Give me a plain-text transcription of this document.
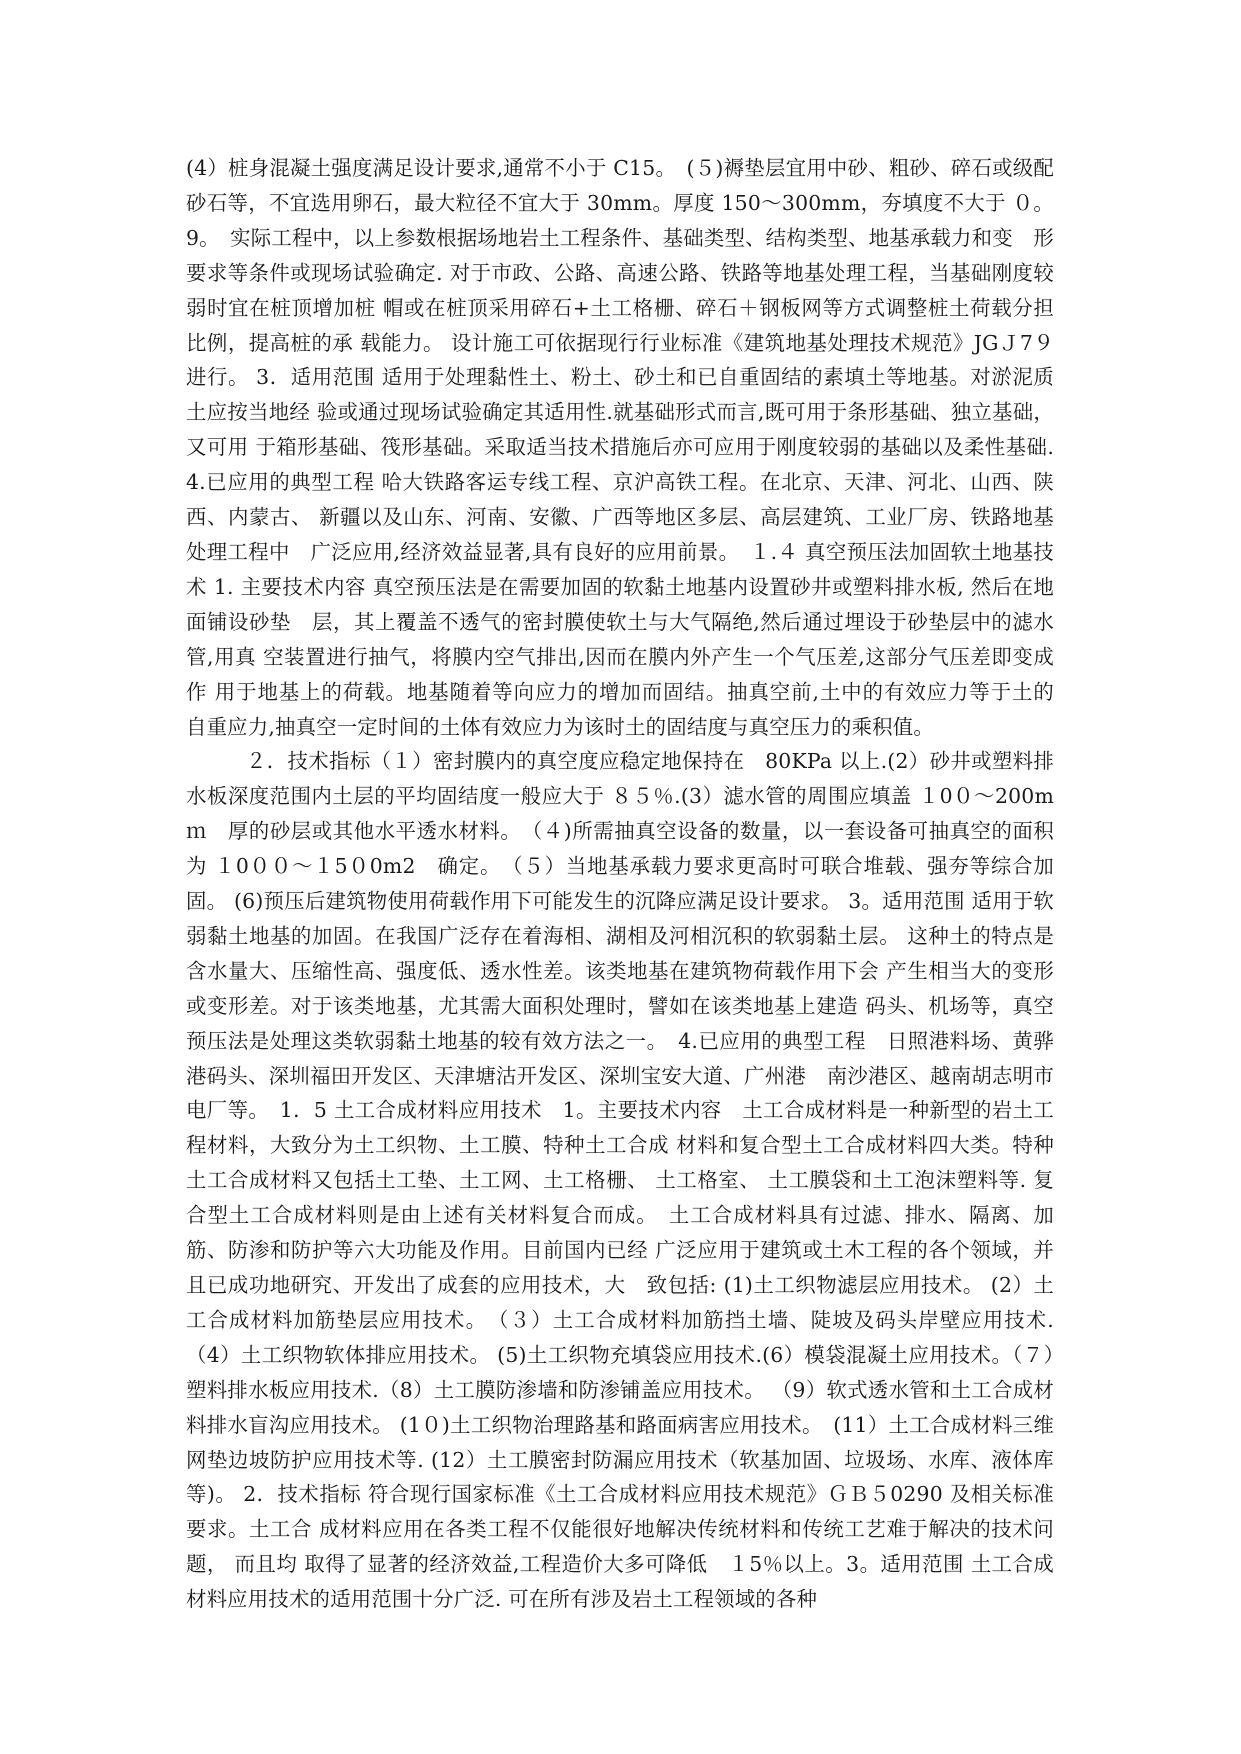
(4）桩身混凝土强度满足设计要求,通常不小于 C15。　(５)褥垫层宜用中砂、粗砂、碎石或级配砂石等，不宜选用卵石，最大粒径不宜大于 30mm。厚度 150～300mm，夯填度不大于 ０。9。　实际工程中，以上参数根据场地岩土工程条件、基础类型、结构类型、地基承载力和变　形要求等条件或现场试验确定. 对于市政、公路、高速公路、铁路等地基处理工程，当基础刚度较弱时宜在桩顶增加桩 帽或在桩顶采用碎石+土工格栅、碎石＋钢板网等方式调整桩土荷载分担比例，提高桩的承 载能力。 设计施工可依据现行行业标准《建筑地基处理技术规范》JGＪ7９ 进行。 3．适用范围 适用于处理黏性土、粉土、砂土和已自重固结的素填土等地基。对淤泥质土应按当地经 验或通过现场试验确定其适用性.就基础形式而言,既可用于条形基础、独立基础，又可用 于箱形基础、筏形基础。采取适当技术措施后亦可应用于刚度较弱的基础以及柔性基础. 4.已应用的典型工程 哈大铁路客运专线工程、京沪高铁工程。在北京、天津、河北、山西、陕西、内蒙古、 新疆以及山东、河南、安徽、广西等地区多层、高层建筑、工业厂房、铁路地基处理工程中　广泛应用,经济效益显著,具有良好的应用前景。　１.４ 真空预压法加固软土地基技术 1. 主要技术内容 真空预压法是在需要加固的软黏土地基内设置砂井或塑料排水板, 然后在地面铺设砂垫　层，其上覆盖不透气的密封膜使软土与大气隔绝,然后通过埋设于砂垫层中的滤水管,用真 空装置进行抽气，将膜内空气排出,因而在膜内外产生一个气压差,这部分气压差即变成作 用于地基上的荷载。地基随着等向应力的增加而固结。抽真空前,土中的有效应力等于土的　自重应力,抽真空一定时间的土体有效应力为该时土的固结度与真空压力的乘积值。

２．技术指标（１）密封膜内的真空度应稳定地保持在　80KPa 以上.(2）砂井或塑料排水板深度范围内土层的平均固结度一般应大于 ８５％.(3）滤水管的周围应填盖 １0０～200mｍ　厚的砂层或其他水平透水材料。　（４)所需抽真空设备的数量，以一套设备可抽真空的面积为 １0００～１5０0m2　确定。　（５）当地基承载力要求更高时可联合堆载、强夯等综合加固。 (6)预压后建筑物使用荷载作用下可能发生的沉降应满足设计要求。 3。适用范围 适用于软弱黏土地基的加固。在我国广泛存在着海相、湖相及河相沉积的软弱黏土层。 这种土的特点是含水量大、压缩性高、强度低、透水性差。该类地基在建筑物荷载作用下会 产生相当大的变形或变形差。对于该类地基，尤其需大面积处理时，譬如在该类地基上建造 码头、机场等，真空预压法是处理这类软弱黏土地基的较有效方法之一。　4.已应用的典型工程　日照港料场、黄骅港码头、深圳福田开发区、天津塘沽开发区、深圳宝安大道、广州港　南沙港区、越南胡志明市电厂等。　1．5 土工合成材料应用技术　1。主要技术内容　土工合成材料是一种新型的岩土工程材料，大致分为土工织物、土工膜、特种土工合成 材料和复合型土工合成材料四大类。特种土工合成材料又包括土工垫、土工网、土工格栅、 土工格室、 土工膜袋和土工泡沫塑料等. 复合型土工合成材料则是由上述有关材料复合而成。　土工合成材料具有过滤、排水、隔离、加筋、防渗和防护等六大功能及作用。目前国内已经 广泛应用于建筑或土木工程的各个领域，并且已成功地研究、开发出了成套的应用技术，大　致包括: (1)土工织物滤层应用技术。 (2）土工合成材料加筋垫层应用技术。　（３）土工合成材料加筋挡土墙、陡坡及码头岸壁应用技术. （4）土工织物软体排应用技术。 (5)土工织物充填袋应用技术.(6）模袋混凝土应用技术。（７）塑料排水板应用技术.（8）土工膜防渗墙和防渗铺盖应用技术。 （9）软式透水管和土工合成材料排水盲沟应用技术。 (1０)土工织物治理路基和路面病害应用技术。　(11）土工合成材料三维网垫边坡防护应用技术等. (12）土工膜密封防漏应用技术（软基加固、垃圾场、水库、液体库等)。 2．技术指标 符合现行国家标准《土工合成材料应用技术规范》ＧＢ５0290 及相关标准要求。土工合 成材料应用在各类工程不仅能很好地解决传统材料和传统工艺难于解决的技术问题， 而且均 取得了显著的经济效益,工程造价大多可降低　１5％以上。3。适用范围 土工合成材料应用技术的适用范围十分广泛. 可在所有涉及岩土工程领域的各种
